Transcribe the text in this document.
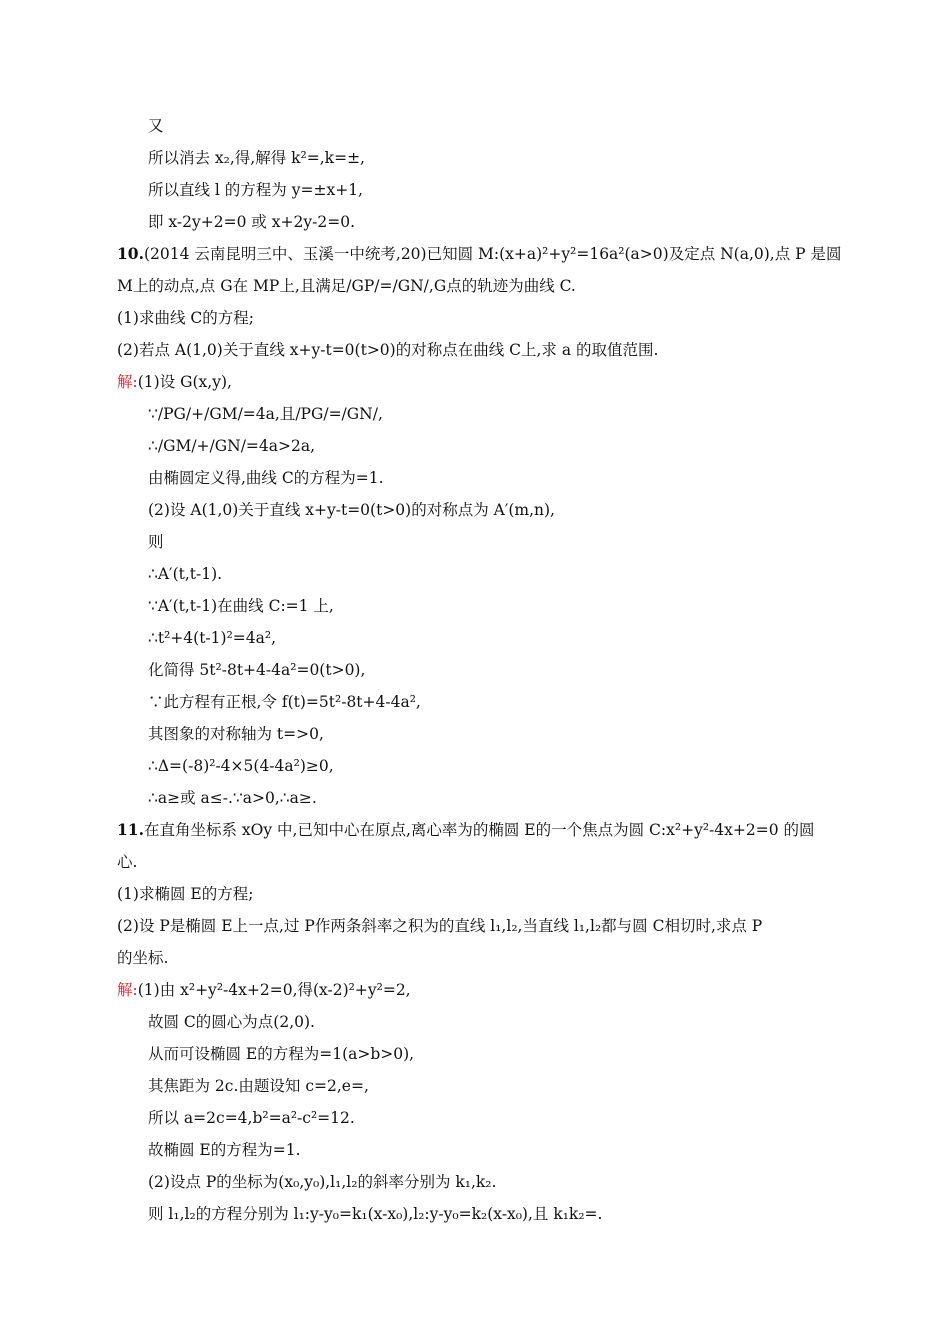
又
所以消去 x₂,得,解得 k²=,k=±,
所以直线 l 的方程为 y=±x+1,
即 x-2y+2=0 或 x+2y-2=0.
10.(2014 云南昆明三中、玉溪一中统考,20)已知圆 M:(x+a)²+y²=16a²(a>0)及定点 N(a,0),点 P 是圆
M上的动点,点 G在 MP上,且满足/GP/=/GN/,G点的轨迹为曲线 C.
(1)求曲线 C的方程;
(2)若点 A(1,0)关于直线 x+y-t=0(t>0)的对称点在曲线 C上,求 a 的取值范围.
解:(1)设 G(x,y),
∵/PG/+/GM/=4a,且/PG/=/GN/,
∴/GM/+/GN/=4a>2a,
由椭圆定义得,曲线 C的方程为=1.
(2)设 A(1,0)关于直线 x+y-t=0(t>0)的对称点为 A′(m,n),
则
∴A′(t,t-1).
∵A′(t,t-1)在曲线 C:=1 上,
∴t²+4(t-1)²=4a²,
化简得 5t²-8t+4-4a²=0(t>0),
∵此方程有正根,令 f(t)=5t²-8t+4-4a²,
其图象的对称轴为 t=>0,
∴Δ=(-8)²-4×5(4-4a²)≥0,
∴a≥或 a≤-.∵a>0,∴a≥.
11.在直角坐标系 xOy 中,已知中心在原点,离心率为的椭圆 E的一个焦点为圆 C:x²+y²-4x+2=0 的圆
心.
(1)求椭圆 E的方程;
(2)设 P是椭圆 E上一点,过 P作两条斜率之积为的直线 l₁,l₂,当直线 l₁,l₂都与圆 C相切时,求点 P
的坐标.
解:(1)由 x²+y²-4x+2=0,得(x-2)²+y²=2,
故圆 C的圆心为点(2,0).
从而可设椭圆 E的方程为=1(a>b>0),
其焦距为 2c.由题设知 c=2,e=,
所以 a=2c=4,b²=a²-c²=12.
故椭圆 E的方程为=1.
(2)设点 P的坐标为(x₀,y₀),l₁,l₂的斜率分别为 k₁,k₂.
则 l₁,l₂的方程分别为 l₁:y-y₀=k₁(x-x₀),l₂:y-y₀=k₂(x-x₀),且 k₁k₂=.
